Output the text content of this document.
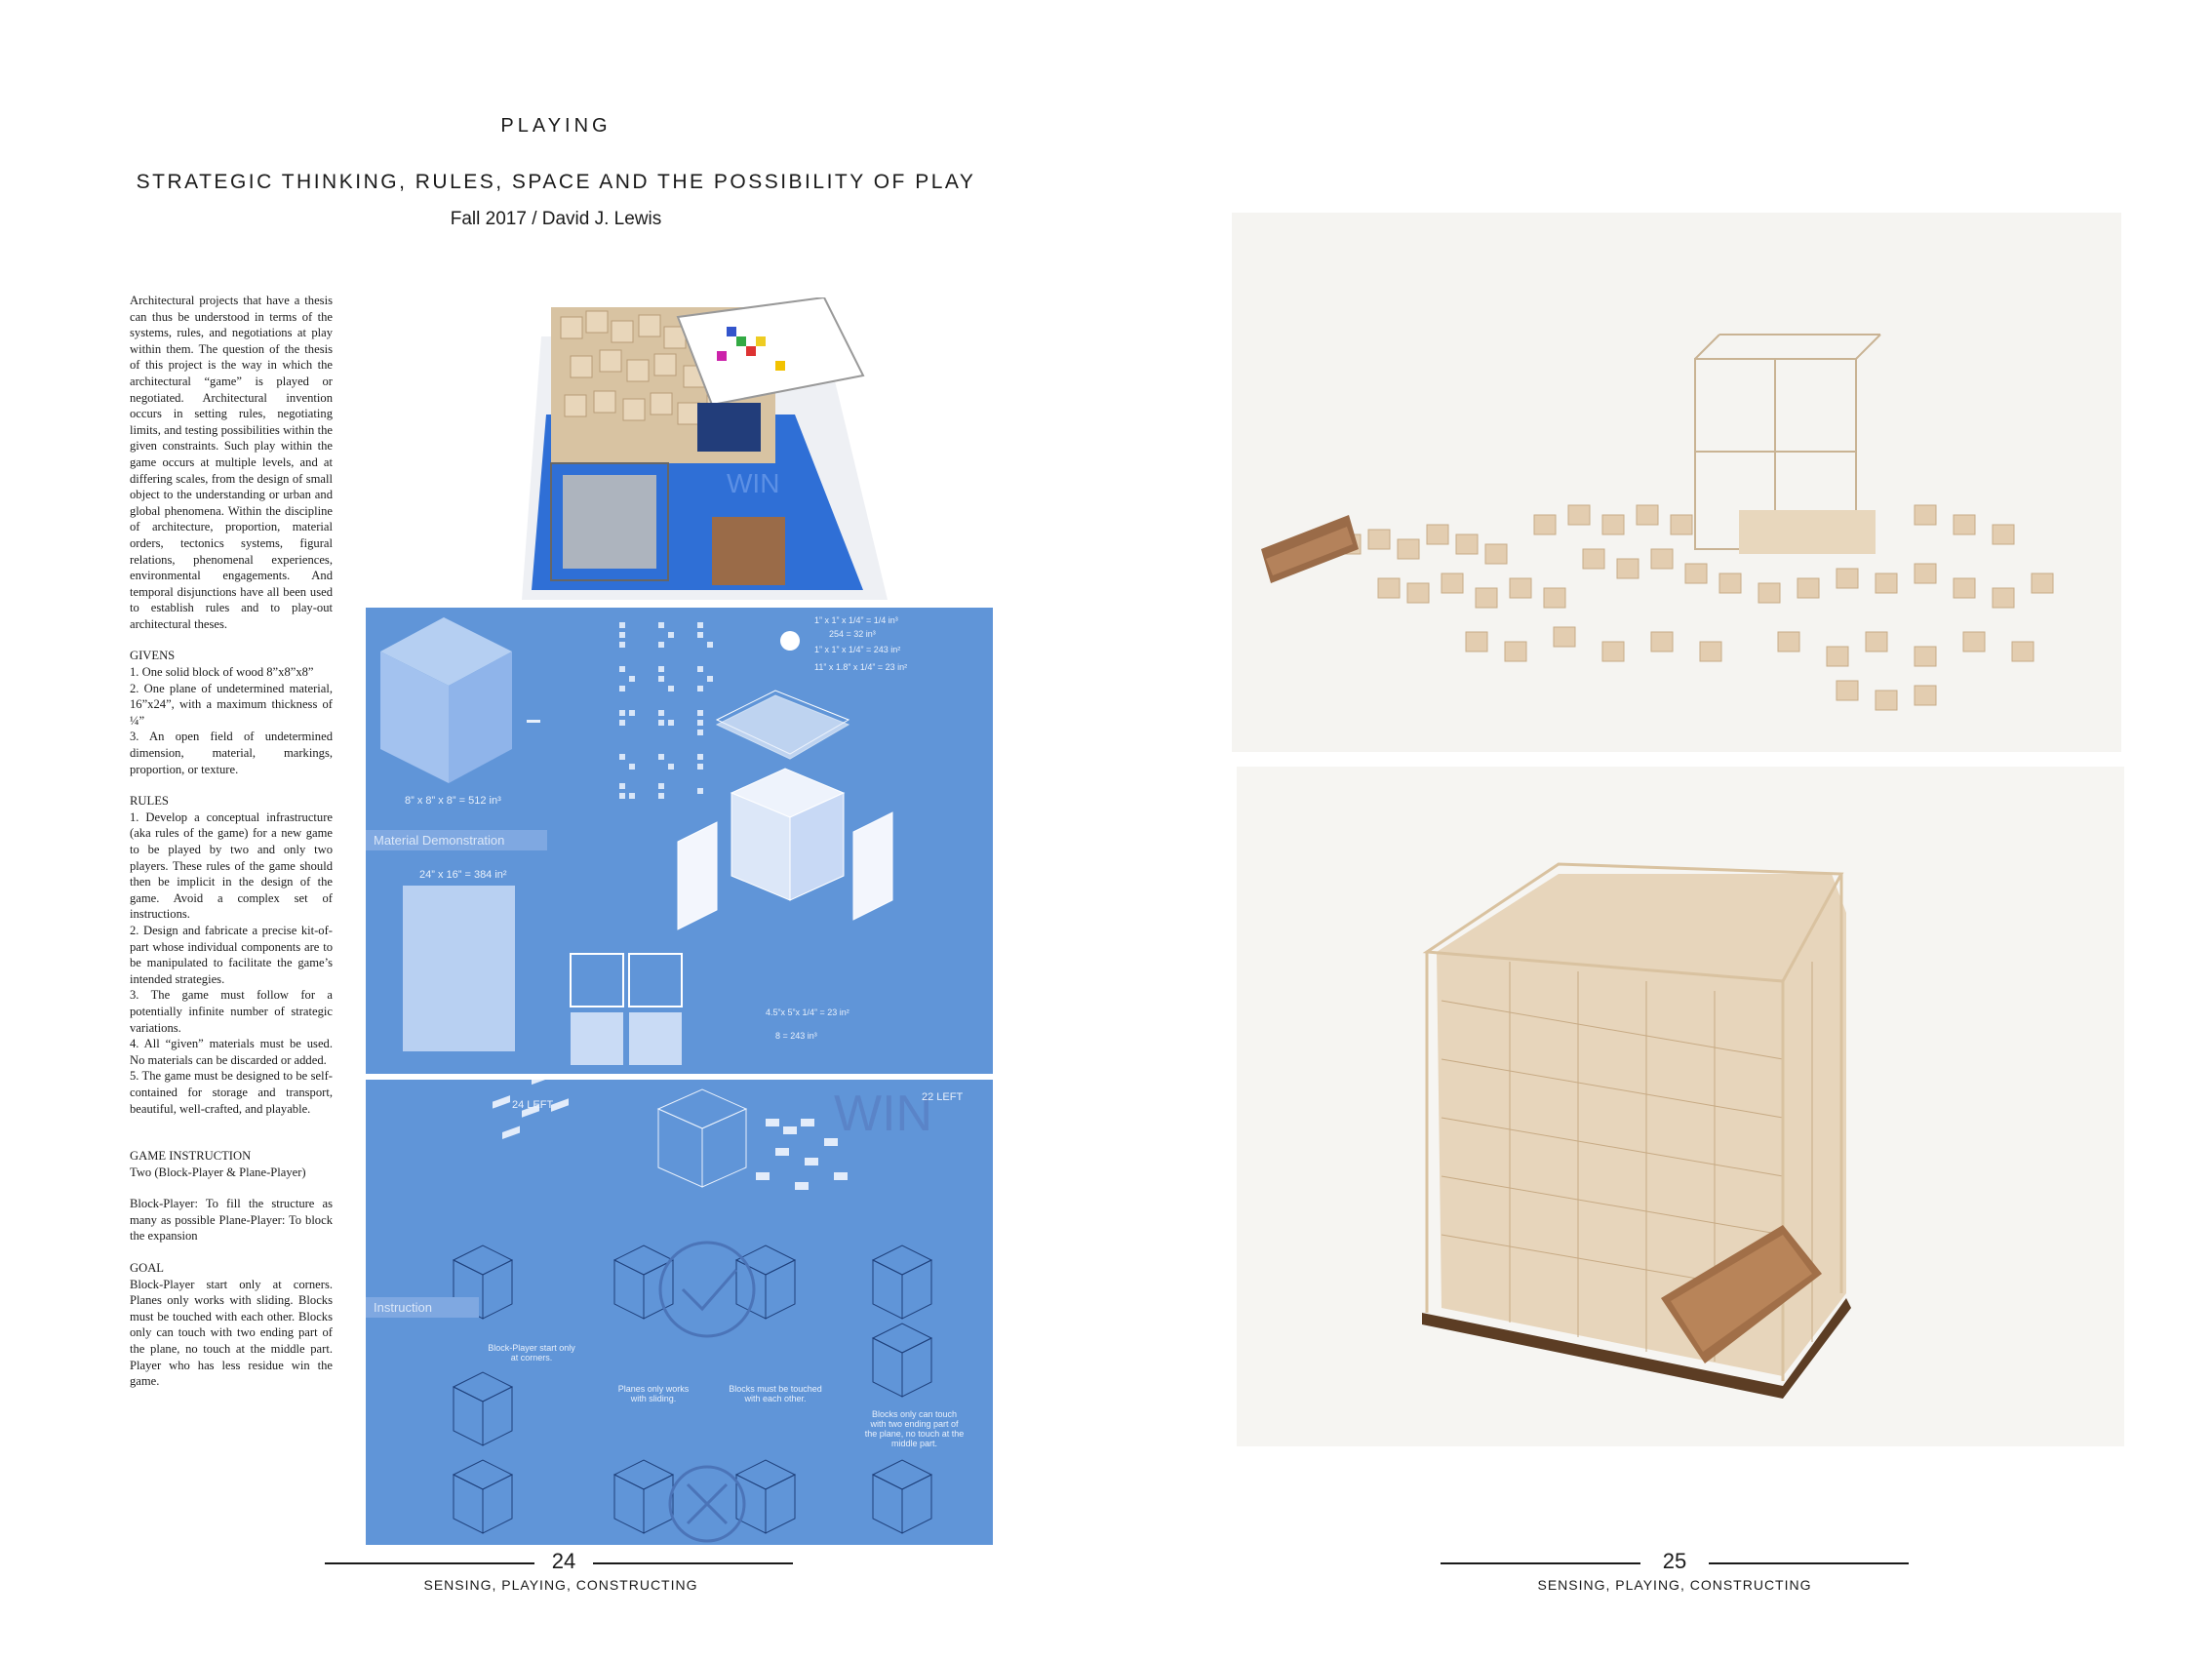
PLAYING
STRATEGIC THINKING, RULES, SPACE AND THE POSSIBILITY OF PLAY
Fall 2017 / David J. Lewis

Architectural projects that have a thesis can thus be understood in terms of the systems, rules, and negotiations at play within them. The question of the thesis of this project is the way in which the architectural “game” is played or negotiated. Architectural invention occurs in setting rules, negotiating limits, and testing possibilities within the given constraints. Such play within the game occurs at multiple levels, and at differing scales, from the design of small object to the understanding or urban and global phenomena. Within the discipline of architecture, proportion, material orders, tectonics systems, figural relations, phenomenal experiences, environmental engagements. And temporal disjunctions have all been used to establish rules and to play-out architectural theses.

GIVENS

1. One solid block of wood 8”x8”x8”

2. One plane of undetermined material, 16”x24”, with a maximum thickness of ¼”

3. An open field of undetermined dimension, material, markings, proportion, or texture.

RULES

1. Develop a conceptual infrastructure (aka rules of the game) for a new game to be played by two and only two players. These rules of the game should then be implicit in the design of the game. Avoid a complex set of instructions.

2. Design and fabricate a precise kit-of-part whose individual components are to be manipulated to facilitate the game’s intended strategies.

3. The game must follow for a potentially infinite number of strategic variations.

4. All “given” materials must be used. No materials can be discarded or added.

5. The game must be designed to be self-contained for storage and transport, beautiful, well-crafted, and playable.

GAME INSTRUCTION

Two (Block-Player & Plane-Player)

Block-Player: To fill the structure as many as possible Plane-Player: To block the expansion

GOAL

Block-Player start only at corners. Planes only works with sliding. Blocks must be touched with each other. Blocks only can touch with two ending part of the plane, no touch at the middle part. Player who has less residue win the game.

WIN
Material Demonstration
8” x 8” x 8” = 512 in³
24” x 16” = 384 in²
1” x 1” x 1/4” = 1/4 in³
254 = 32 in³
1” x 1” x 1/4” = 243 in²
11” x 1.8” x 1/4” = 23 in²
4.5”x 5”x 1/4” = 23 in²
8 = 243 in³
WIN
24 LEFT
22 LEFT
Instruction
Block-Player start only at corners.
Planes only works with sliding.
Blocks must be touched with each other.
Blocks only can touch with two ending part of the plane, no touch at the middle part.
24
SENSING, PLAYING, CONSTRUCTING
25
SENSING, PLAYING, CONSTRUCTING
